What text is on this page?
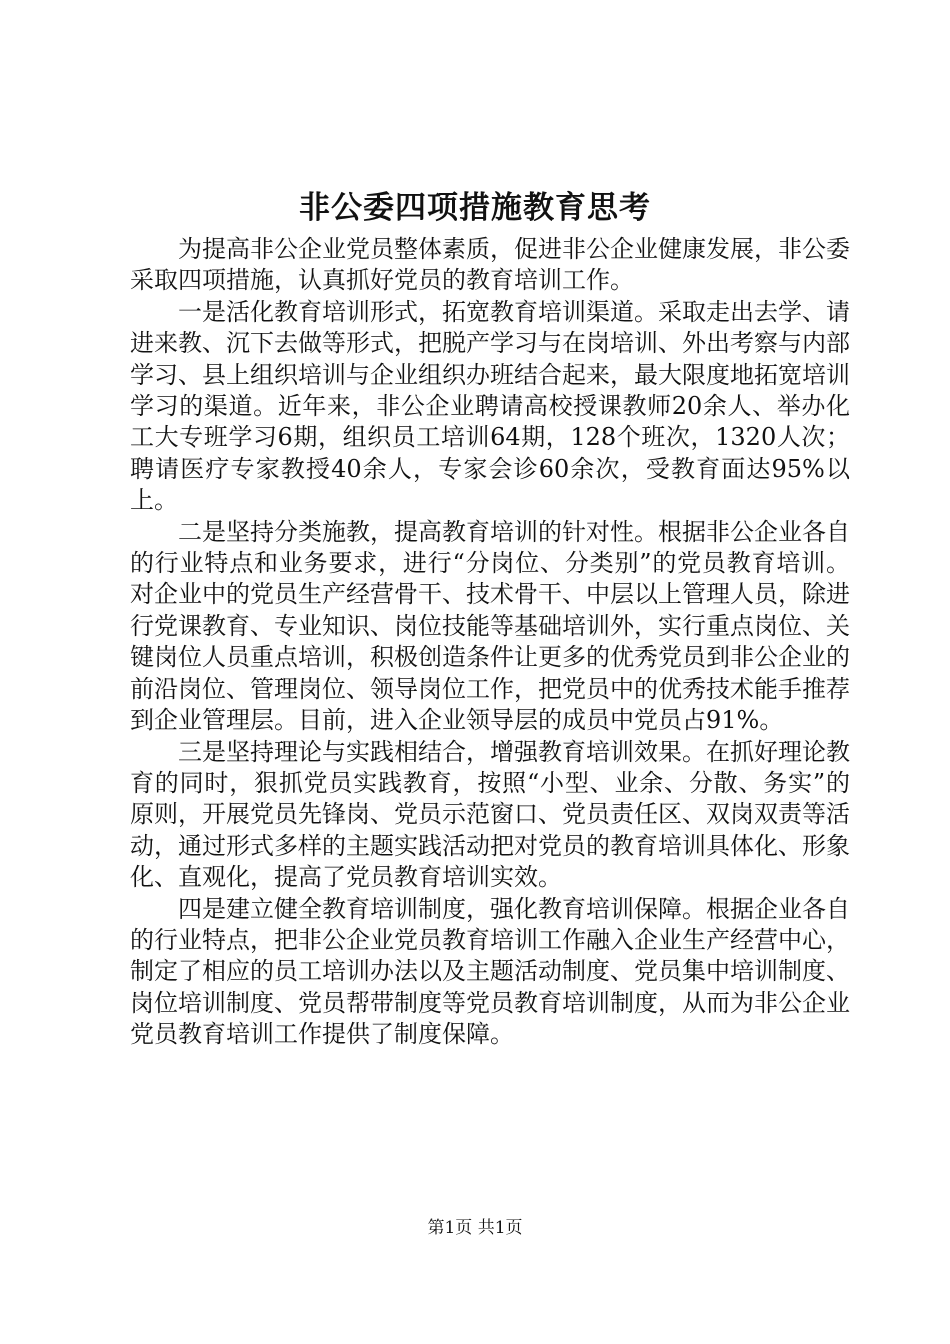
非公委四项措施教育思考

为提高非公企业党员整体素质，促进非公企业健康发展，非公委采取四项措施，认真抓好党员的教育培训工作。

一是活化教育培训形式，拓宽教育培训渠道。采取走出去学、请进来教、沉下去做等形式，把脱产学习与在岗培训、外出考察与内部学习、县上组织培训与企业组织办班结合起来，最大限度地拓宽培训学习的渠道。近年来，非公企业聘请高校授课教师20余人、举办化工大专班学习6期，组织员工培训64期，128个班次，1320人次；聘请医疗专家教授40余人，专家会诊60余次，受教育面达95%以上。

二是坚持分类施教，提高教育培训的针对性。根据非公企业各自的行业特点和业务要求，进行“分岗位、分类别”的党员教育培训。对企业中的党员生产经营骨干、技术骨干、中层以上管理人员，除进行党课教育、专业知识、岗位技能等基础培训外，实行重点岗位、关键岗位人员重点培训，积极创造条件让更多的优秀党员到非公企业的前沿岗位、管理岗位、领导岗位工作，把党员中的优秀技术能手推荐到企业管理层。目前，进入企业领导层的成员中党员占91%。

三是坚持理论与实践相结合，增强教育培训效果。在抓好理论教育的同时，狠抓党员实践教育，按照“小型、业余、分散、务实”的原则，开展党员先锋岗、党员示范窗口、党员责任区、双岗双责等活动，通过形式多样的主题实践活动把对党员的教育培训具体化、形象化、直观化，提高了党员教育培训实效。

四是建立健全教育培训制度，强化教育培训保障。根据企业各自的行业特点，把非公企业党员教育培训工作融入企业生产经营中心，制定了相应的员工培训办法以及主题活动制度、党员集中培训制度、岗位培训制度、党员帮带制度等党员教育培训制度，从而为非公企业党员教育培训工作提供了制度保障。

第1页 共1页
